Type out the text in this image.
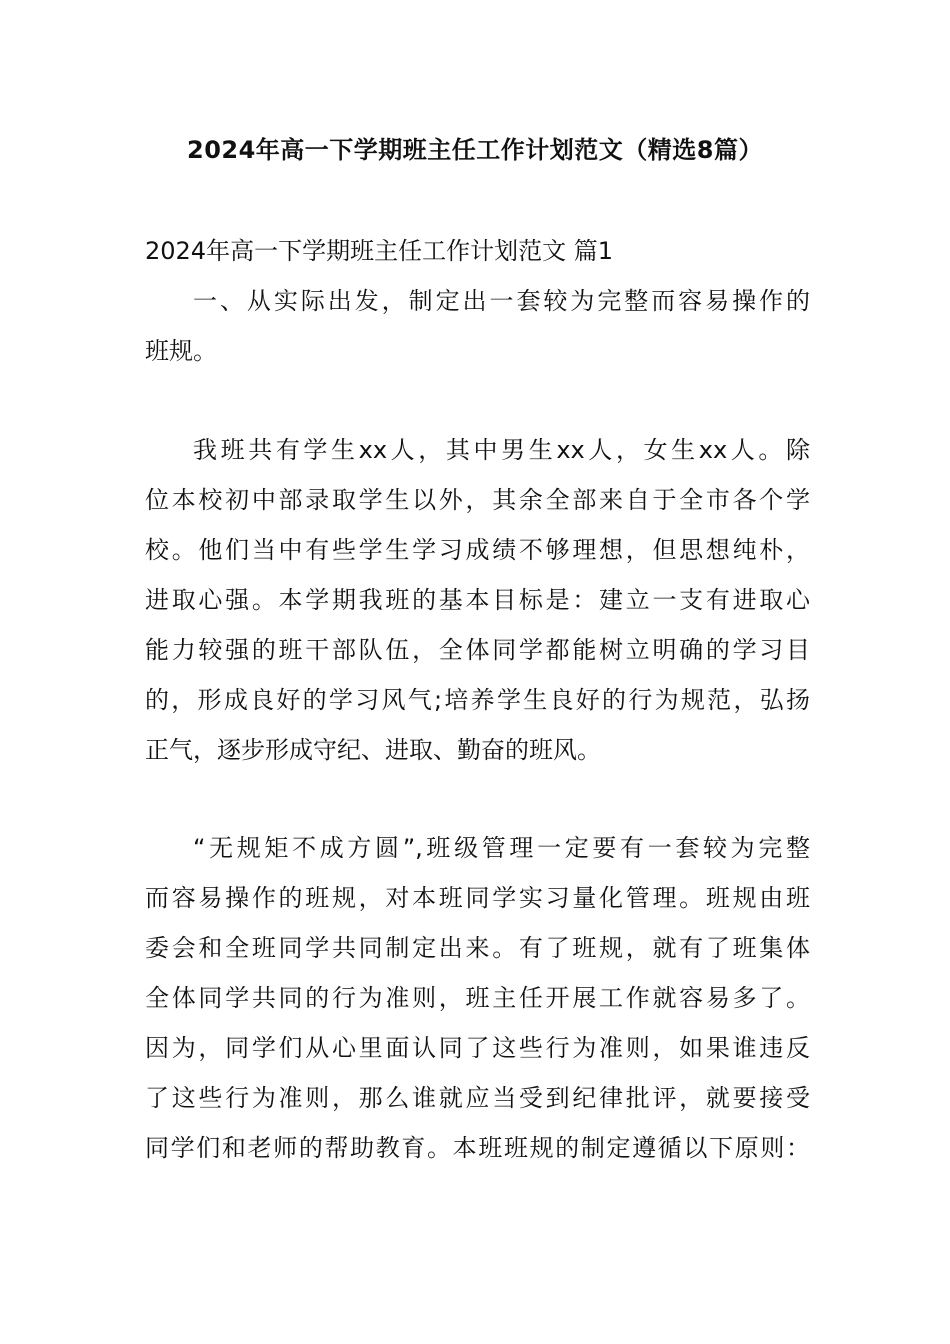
2024年高一下学期班主任工作计划范文（精选8篇）
2024年高一下学期班主任工作计划范文 篇1
一、从实际出发，制定出一套较为完整而容易操作的
班规。
我班共有学生xx人，其中男生xx人，女生xx人。除
位本校初中部录取学生以外，其余全部来自于全市各个学
校。他们当中有些学生学习成绩不够理想，但思想纯朴，
进取心强。本学期我班的基本目标是：建立一支有进取心
能力较强的班干部队伍，全体同学都能树立明确的学习目
的，形成良好的学习风气;培养学生良好的行为规范，弘扬
正气，逐步形成守纪、进取、勤奋的班风。
“无规矩不成方圆”,班级管理一定要有一套较为完整
而容易操作的班规，对本班同学实习量化管理。班规由班
委会和全班同学共同制定出来。有了班规，就有了班集体
全体同学共同的行为准则，班主任开展工作就容易多了。
因为，同学们从心里面认同了这些行为准则，如果谁违反
了这些行为准则，那么谁就应当受到纪律批评，就要接受
同学们和老师的帮助教育。本班班规的制定遵循以下原则：
